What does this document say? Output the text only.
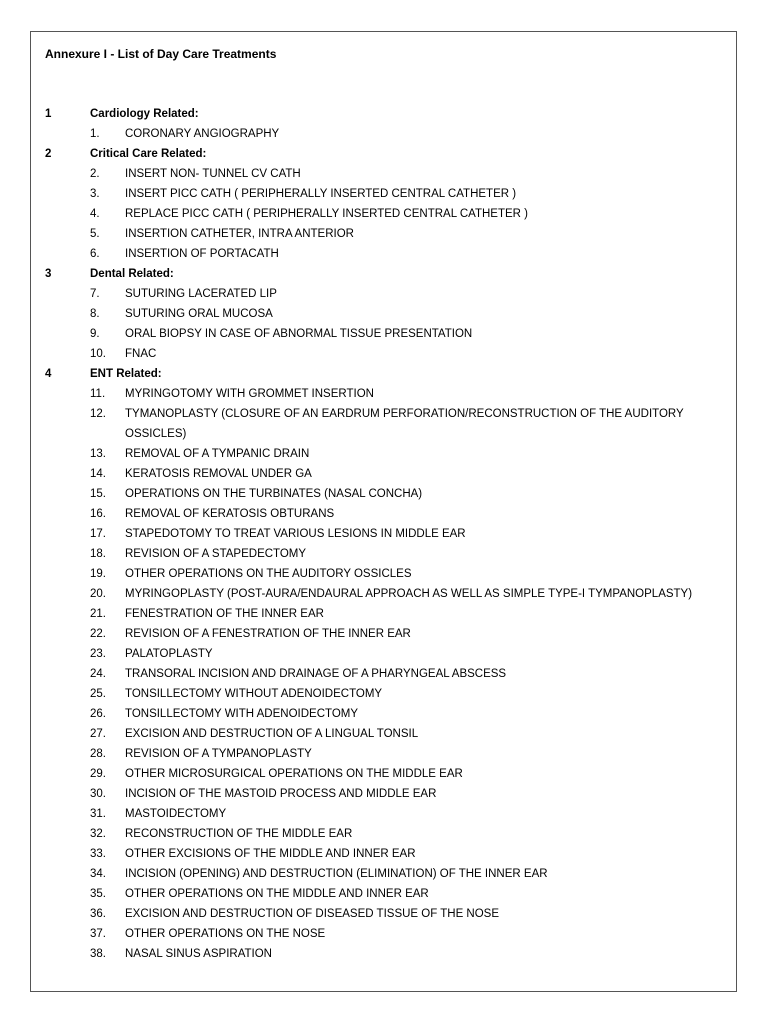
Annexure I - List of Day Care Treatments
1	Cardiology Related:
1.	CORONARY ANGIOGRAPHY
2	Critical Care Related:
2.	INSERT NON- TUNNEL CV CATH
3.	INSERT PICC CATH ( PERIPHERALLY INSERTED CENTRAL CATHETER )
4.	REPLACE PICC CATH ( PERIPHERALLY INSERTED CENTRAL CATHETER )
5.	INSERTION CATHETER, INTRA ANTERIOR
6.	INSERTION OF PORTACATH
3	Dental Related:
7.	SUTURING LACERATED LIP
8.	SUTURING ORAL MUCOSA
9.	ORAL BIOPSY IN CASE OF ABNORMAL TISSUE PRESENTATION
10.	FNAC
4	ENT Related:
11.	MYRINGOTOMY WITH GROMMET INSERTION
12.	TYMANOPLASTY (CLOSURE OF AN EARDRUM PERFORATION/RECONSTRUCTION OF THE AUDITORY OSSICLES)
13.	REMOVAL OF A TYMPANIC DRAIN
14.	KERATOSIS REMOVAL UNDER GA
15.	OPERATIONS ON THE TURBINATES (NASAL CONCHA)
16.	REMOVAL OF KERATOSIS OBTURANS
17.	STAPEDOTOMY TO TREAT VARIOUS LESIONS IN MIDDLE EAR
18.	REVISION OF A STAPEDECTOMY
19.	OTHER OPERATIONS ON THE AUDITORY OSSICLES
20.	MYRINGOPLASTY (POST-AURA/ENDAURAL APPROACH AS WELL AS SIMPLE TYPE-I TYMPANOPLASTY)
21.	FENESTRATION OF THE INNER EAR
22.	REVISION OF A FENESTRATION OF THE INNER EAR
23.	PALATOPLASTY
24.	TRANSORAL INCISION AND DRAINAGE OF A PHARYNGEAL ABSCESS
25.	TONSILLECTOMY WITHOUT ADENOIDECTOMY
26.	TONSILLECTOMY WITH ADENOIDECTOMY
27.	EXCISION AND DESTRUCTION OF A LINGUAL TONSIL
28.	REVISION OF A TYMPANOPLASTY
29.	OTHER MICROSURGICAL OPERATIONS ON THE MIDDLE EAR
30.	INCISION OF THE MASTOID PROCESS AND MIDDLE EAR
31.	MASTOIDECTOMY
32.	RECONSTRUCTION OF THE MIDDLE EAR
33.	OTHER EXCISIONS OF THE MIDDLE AND INNER EAR
34.	INCISION (OPENING) AND DESTRUCTION (ELIMINATION) OF THE INNER EAR
35.	OTHER OPERATIONS ON THE MIDDLE AND INNER EAR
36.	EXCISION AND DESTRUCTION OF DISEASED TISSUE OF THE NOSE
37.	OTHER OPERATIONS ON THE NOSE
38.	NASAL SINUS ASPIRATION
